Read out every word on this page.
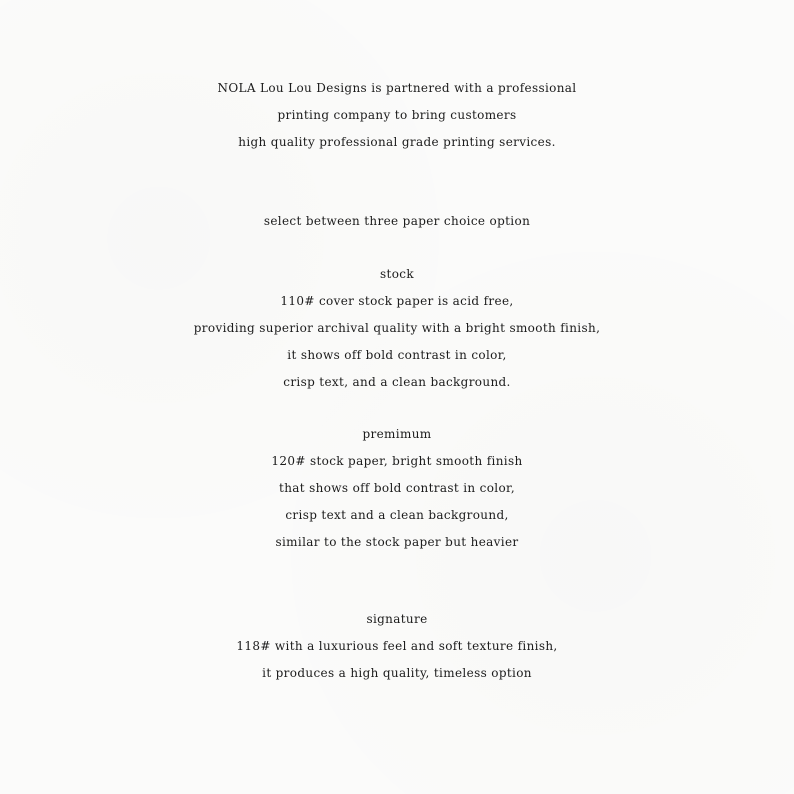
NOLA Lou Lou Designs is partnered with a professional
printing company to bring customers
high quality professional grade printing services.
select between three paper choice option
stock
110# cover stock paper is acid free,
providing superior archival quality with a bright smooth finish,
it shows off bold contrast in color,
crisp text, and a clean background.
premimum
120# stock paper, bright smooth finish
that shows off bold contrast in color,
crisp text and a clean background,
similar to the stock paper but heavier
signature
118# with a luxurious feel and soft texture finish,
it produces a high quality, timeless option
